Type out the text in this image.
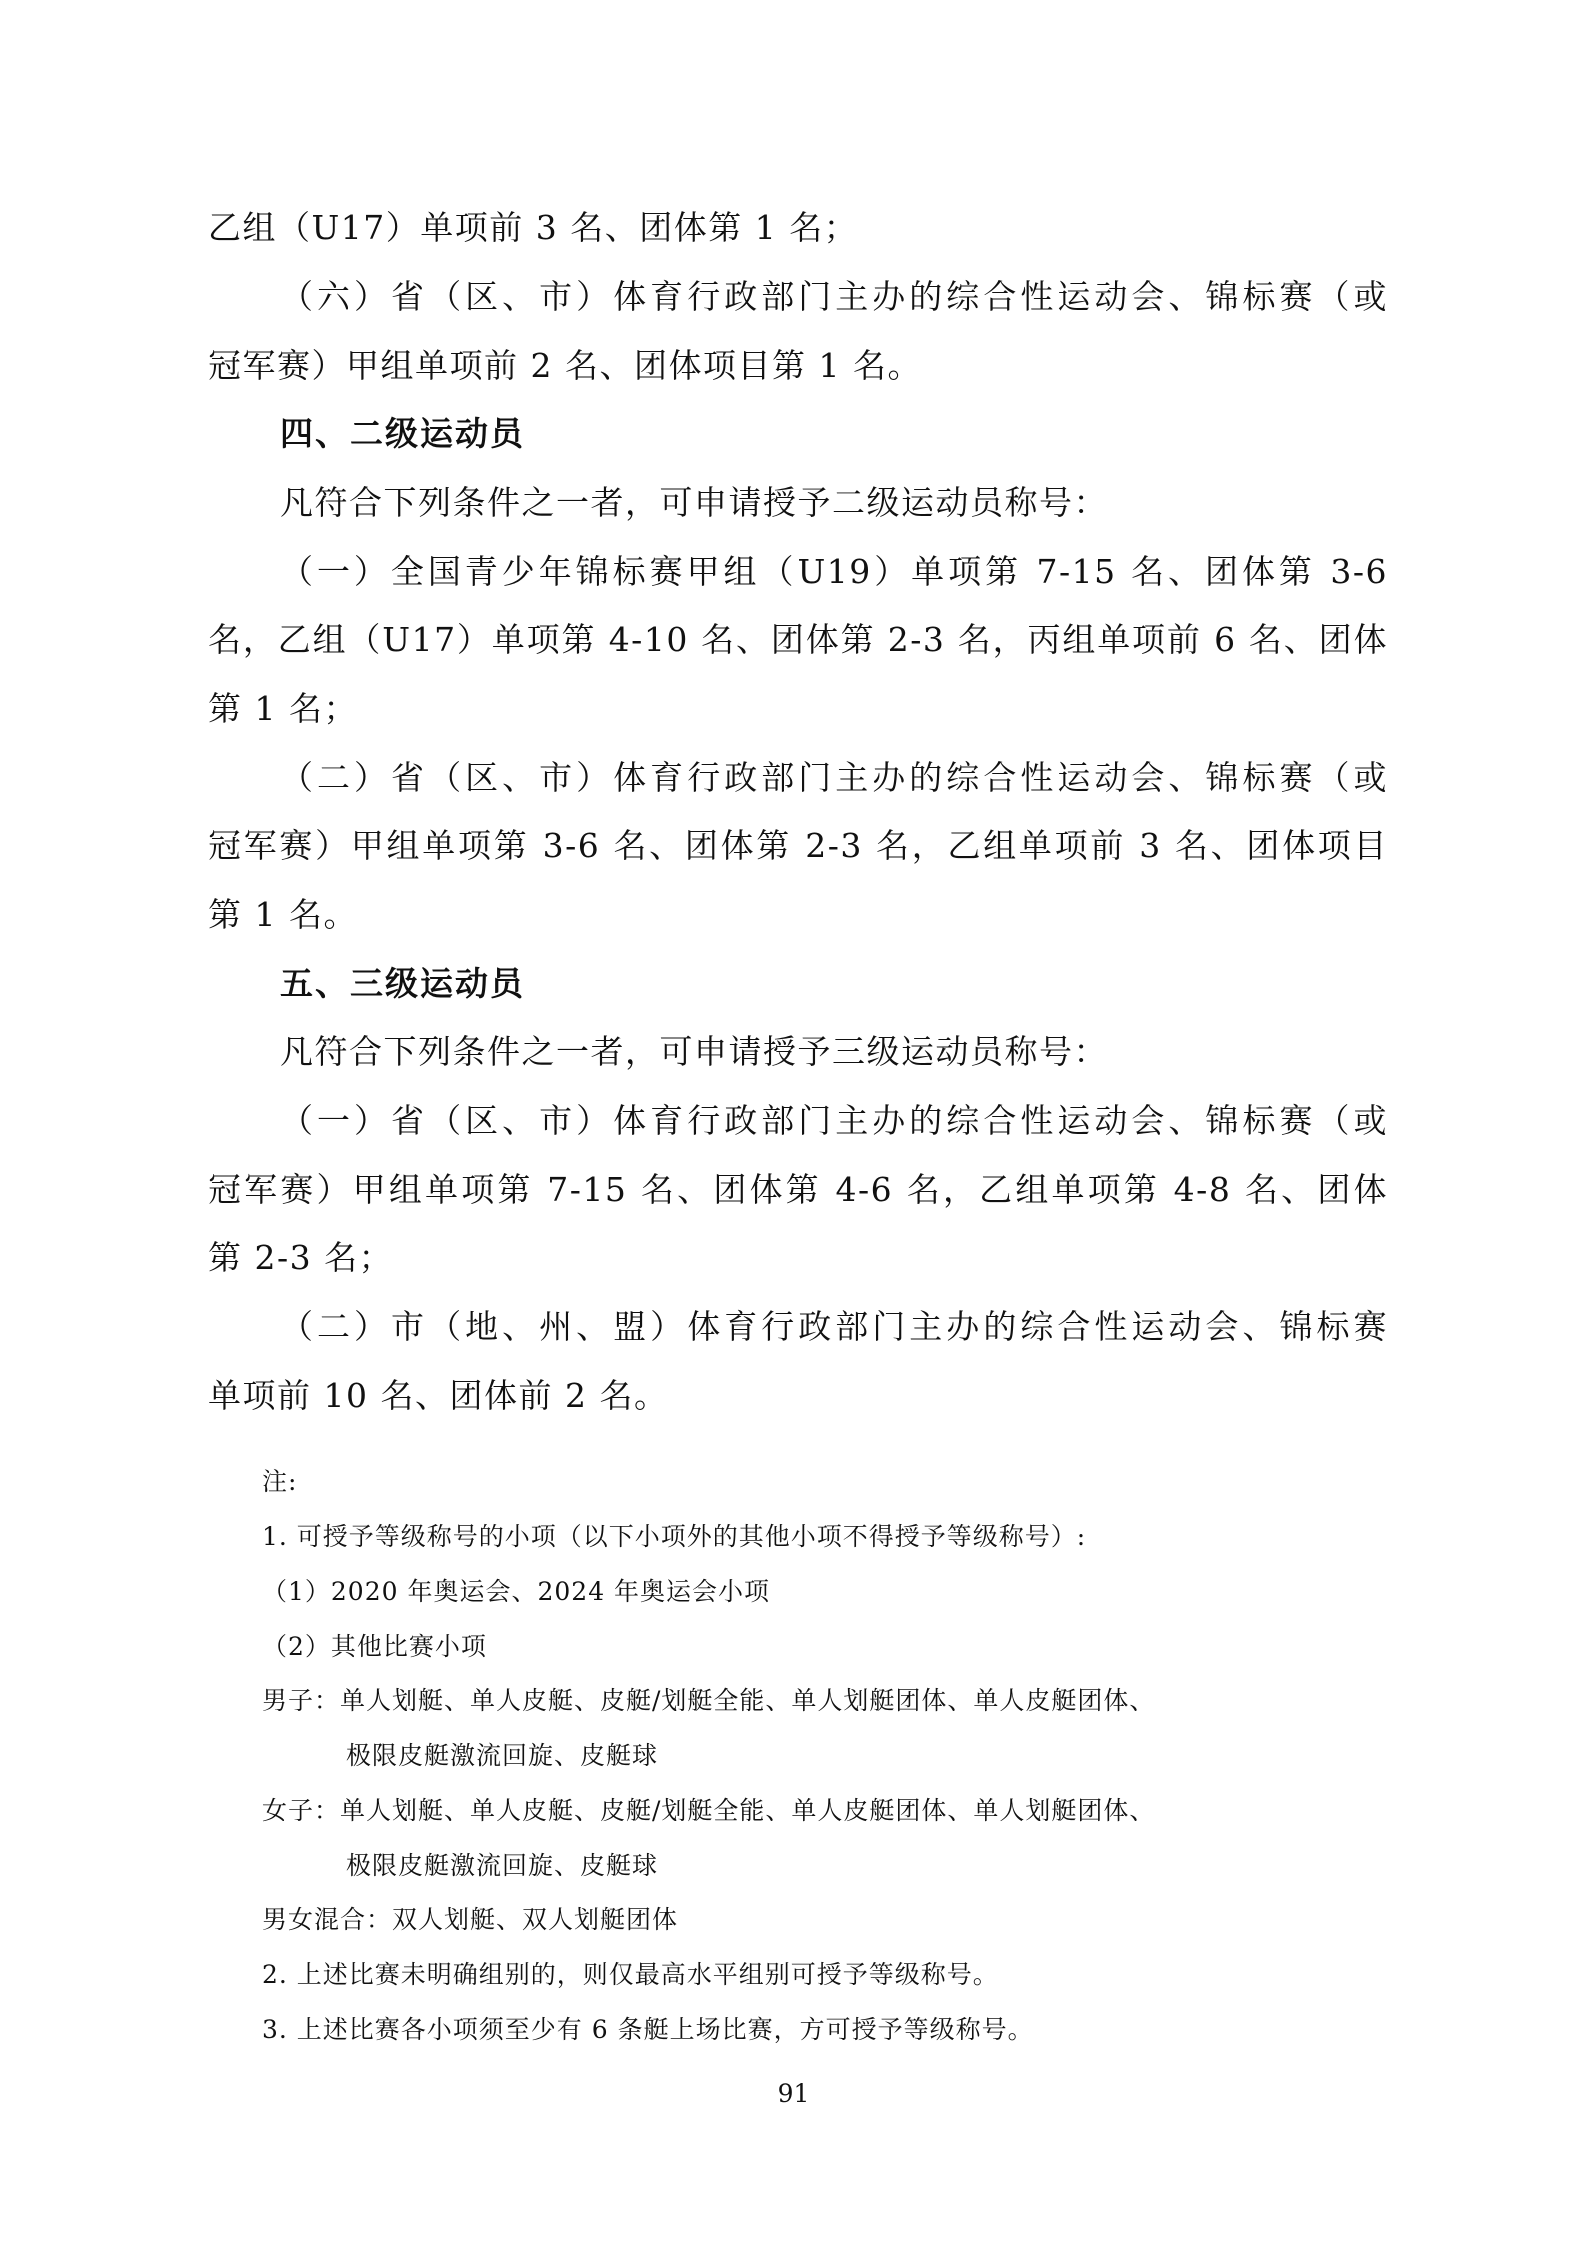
乙组（U17）单项前 3 名、团体第 1 名；
（六）省（区、市）体育行政部门主办的综合性运动会、锦标赛（或
冠军赛）甲组单项前 2 名、团体项目第 1 名。
四、二级运动员
凡符合下列条件之一者，可申请授予二级运动员称号：
（一）全国青少年锦标赛甲组（U19）单项第 7-15 名、团体第 3-6
名，乙组（U17）单项第 4-10 名、团体第 2-3 名，丙组单项前 6 名、团体
第 1 名；
（二）省（区、市）体育行政部门主办的综合性运动会、锦标赛（或
冠军赛）甲组单项第 3-6 名、团体第 2-3 名，乙组单项前 3 名、团体项目
第 1 名。
五、三级运动员
凡符合下列条件之一者，可申请授予三级运动员称号：
（一）省（区、市）体育行政部门主办的综合性运动会、锦标赛（或
冠军赛）甲组单项第 7-15 名、团体第 4-6 名，乙组单项第 4-8 名、团体
第 2-3 名；
（二）市（地、州、盟）体育行政部门主办的综合性运动会、锦标赛
单项前 10 名、团体前 2 名。
注:
1. 可授予等级称号的小项（以下小项外的其他小项不得授予等级称号）:
（1）2020 年奥运会、2024 年奥运会小项
（2）其他比赛小项
男子：单人划艇、单人皮艇、皮艇/划艇全能、单人划艇团体、单人皮艇团体、
极限皮艇激流回旋、皮艇球
女子：单人划艇、单人皮艇、皮艇/划艇全能、单人皮艇团体、单人划艇团体、
极限皮艇激流回旋、皮艇球
男女混合：双人划艇、双人划艇团体
2. 上述比赛未明确组别的，则仅最高水平组别可授予等级称号。
3. 上述比赛各小项须至少有 6 条艇上场比赛，方可授予等级称号。
91
